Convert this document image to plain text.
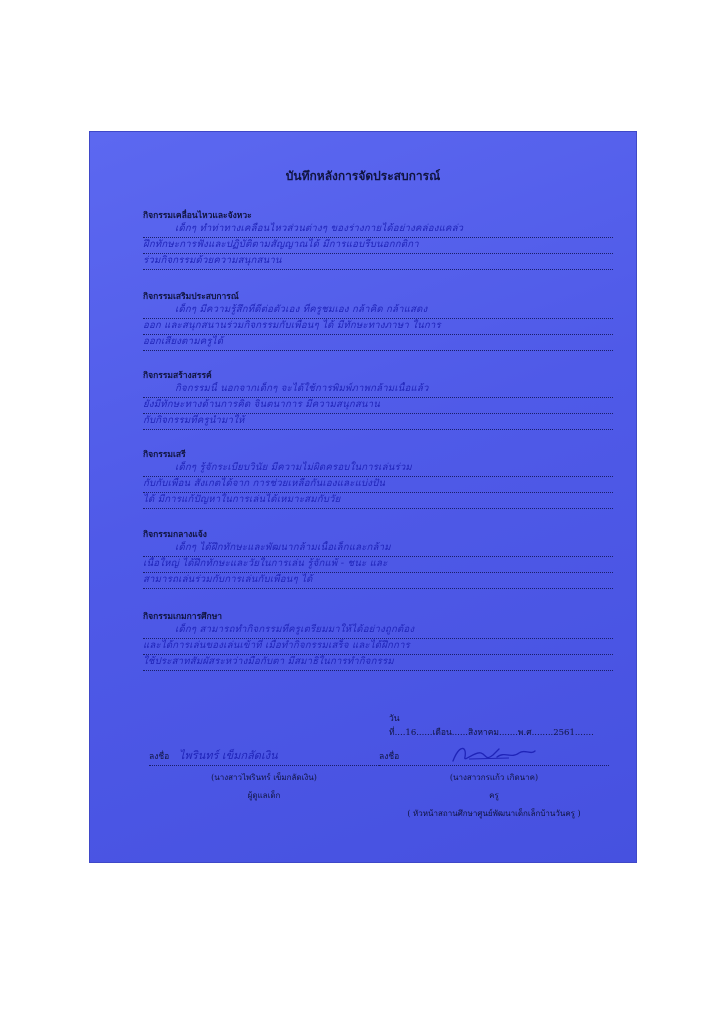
บันทึกหลังการจัดประสบการณ์
กิจกรรมเคลื่อนไหวและจังหวะ
เด็กๆ ทำท่าทางเคลื่อนไหวส่วนต่างๆ ของร่างกายได้อย่างคล่องแคล่ว
ฝึกทักษะการฟังและปฏิบัติตามสัญญาณได้ มีการแอบรีบนอกกติกา
ร่วมกิจกรรมด้วยความสนุกสนาน
กิจกรรมเสริมประสบการณ์
เด็กๆ มีความรู้สึกที่ดีต่อตัวเอง ที่ครูชมเอง กล้าคิด กล้าแสดง
ออก และสนุกสนานร่วมกิจกรรมกับเพื่อนๆ ได้ มีทักษะทางภาษา ในการ
ออกเสียงตามครูได้
กิจกรรมสร้างสรรค์
กิจกรรมนี้ นอกจากเด็กๆ จะได้ใช้การพิมพ์ภาพกล้ามเนื้อแล้ว
ยังมีทักษะทางด้านการคิด จินตนาการ มีความสนุกสนาน
กับกิจกรรมที่ครูนำมาให้
กิจกรรมเสรี
เด็กๆ รู้จักระเบียบวินัย มีความไม่ผิดครอบในการเล่นร่วม
กับกับเพื่อน สังเกตได้จาก การช่วยเหลือกันเองและแบ่งปัน
ได้ มีการแก้ปัญหาในการเล่นได้เหมาะสมกับวัย
กิจกรรมกลางแจ้ง
เด็กๆ ได้ฝึกทักษะและพัฒนากล้ามเนื้อเล็กและกล้าม
เนื้อใหญ่ ได้ฝึกทักษะและวัยในการเล่น รู้จักแพ้ - ชนะ และ
สามารถเล่นร่วมกับการเล่นกับเพื่อนๆ ได้
กิจกรรมเกมการศึกษา
เด็กๆ สามารถทำกิจกรรมที่ครูเตรียมมาให้ได้อย่างถูกต้อง
และได้การเล่นของเล่นเข้าที่ เมื่อทำกิจกรรมเสร็จ และได้ฝึกการ
ใช้ประสาทสัมผัสระหว่างมือกับตา มีสมาธิในการทำกิจกรรม
วันที่....16......เดือน......สิงหาคม.......พ.ศ........2561.......
ลงชื่อ ไพรินทร์ เข็มกลัดเงิน
(นางสาวไพรินทร์ เข็มกลัดเงิน)
ผู้ดูแลเด็ก
ลงชื่อ
(นางสาวกรแก้ว เกิดนาค)
ครู
( หัวหน้าสถานศึกษาศูนย์พัฒนาเด็กเล็กบ้านวันครู )
